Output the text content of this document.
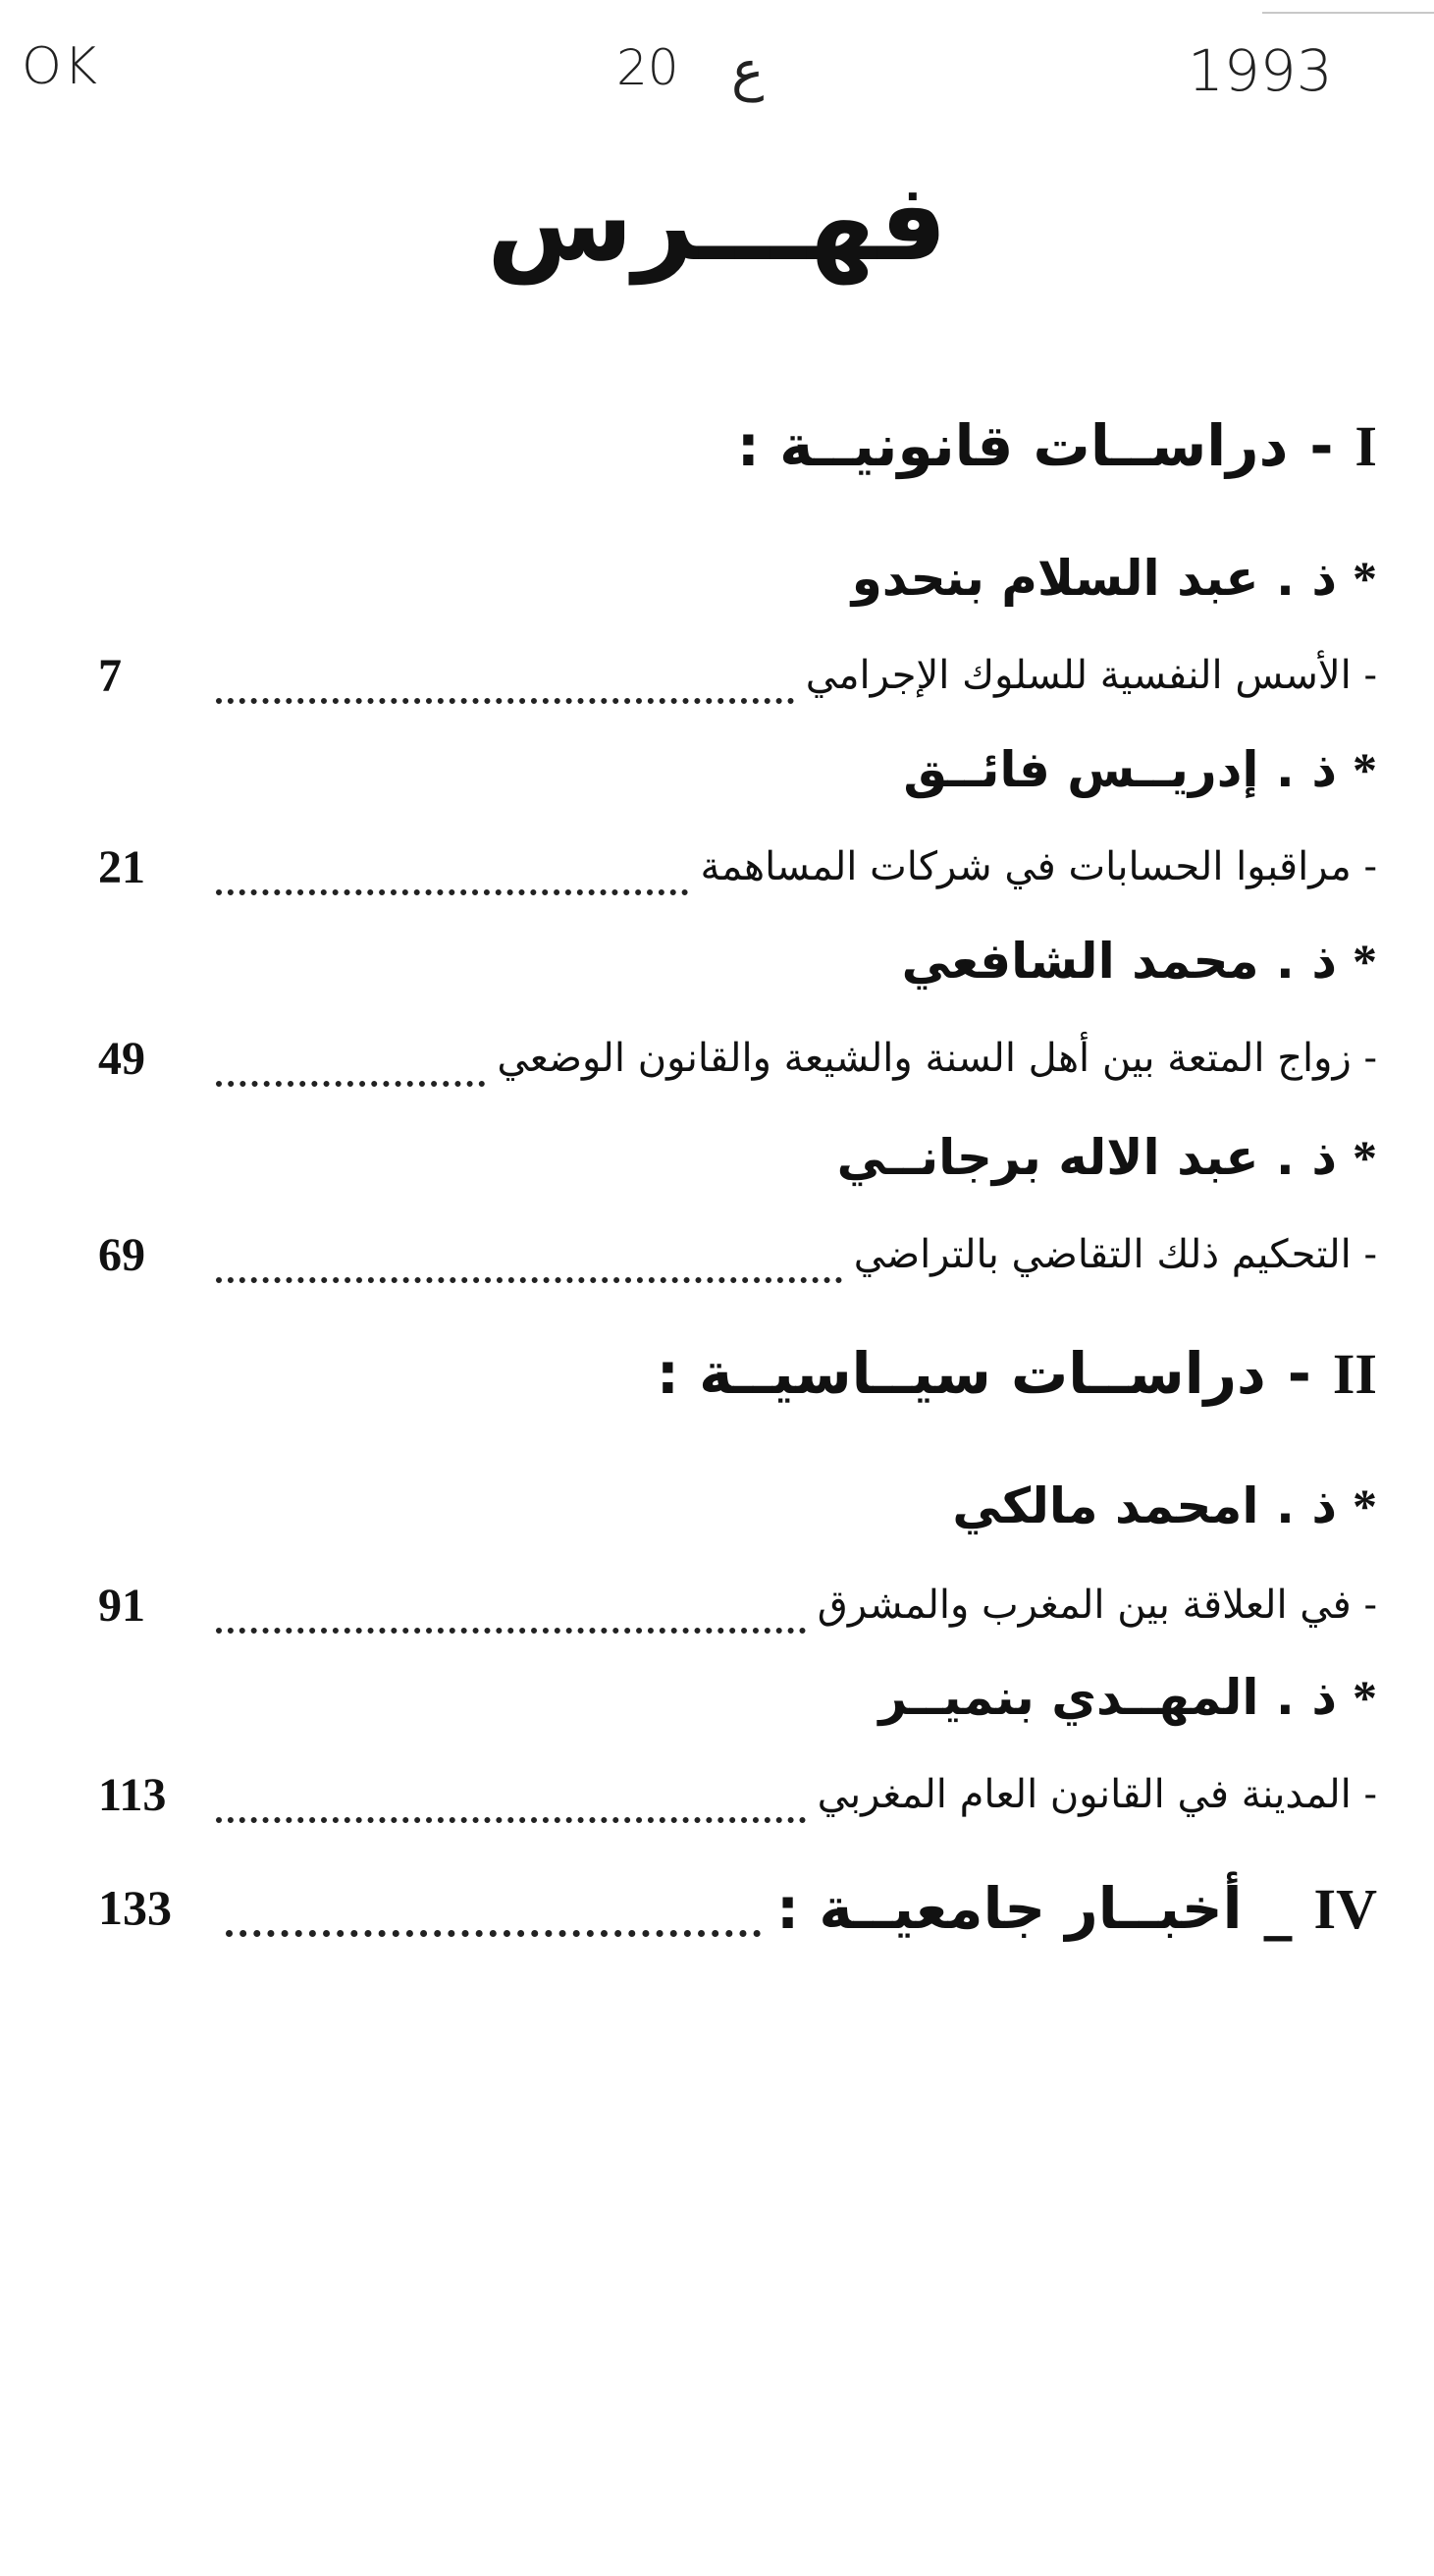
OK	20 ع	1993
فهـــرس
I-دراســات قانونيــة :
*ذ . عبد السلام بنحدو
- الأسس النفسية للسلوك الإجرامي
7
*ذ . إدريــس فائــق
- مراقبوا الحسابات في شركات المساهمة
21
*ذ . محمد الشافعي
- زواج المتعة بين أهل السنة والشيعة والقانون الوضعي
49
*ذ . عبد الاله برجانــي
- التحكيم ذلك التقاضي بالتراضي
69
II-دراســات سيــاسيــة :
*ذ . امحمد مالكي
- في العلاقة بين المغرب والمشرق
91
*ذ . المهــدي بنميــر
- المدينة في القانون العام المغربي
113
IV_أخبــار جامعيــة :
133
